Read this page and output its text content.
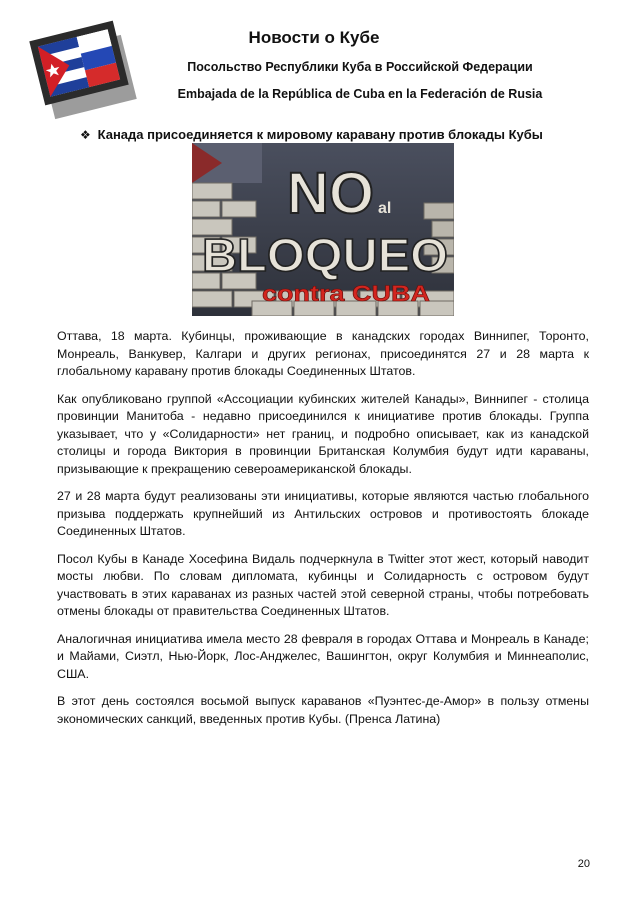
Новости о Кубе
Посольство Республики Куба в Российской Федерации
Embajada de la República de Cuba en la Federación de Rusia
❖ Канада присоединяется к мировому каравану против блокады Кубы
NO al
BLOQUEO
contra CUBA

Оттава, 18 марта. Кубинцы, проживающие в канадских городах Виннипег, Торонто, Монреаль, Ванкувер, Калгари и других регионах, присоединятся 27 и 28 марта к глобальному каравану против блокады Соединенных Штатов.

Как опубликовано группой «Ассоциации кубинских жителей Канады», Виннипег - столица провинции Манитоба - недавно присоединился к инициативе против блокады. Группа указывает, что у «Солидарности» нет границ, и подробно описывает, как из канадской столицы и города Виктория в провинции Британская Колумбия будут идти караваны, призывающие к прекращению североамериканской блокады.

27 и 28 марта будут реализованы эти инициативы, которые являются частью глобального призыва поддержать крупнейший из Антильских островов и противостоять блокаде Соединенных Штатов.

Посол Кубы в Канаде Хосефина Видаль подчеркнула в Twitter этот жест, который наводит мосты любви. По словам дипломата, кубинцы и Солидарность с островом будут участвовать в этих караванах из разных частей этой северной страны, чтобы потребовать отмены блокады от правительства Соединенных Штатов.

Аналогичная инициатива имела место 28 февраля в городах Оттава и Монреаль в Канаде; и Майами, Сиэтл, Нью-Йорк, Лос-Анджелес, Вашингтон, округ Колумбия и Миннеаполис, США.

В этот день состоялся восьмой выпуск караванов «Пуэнтес-де-Амор» в пользу отмены экономических санкций, введенных против Кубы. (Пренса Латина)

20
